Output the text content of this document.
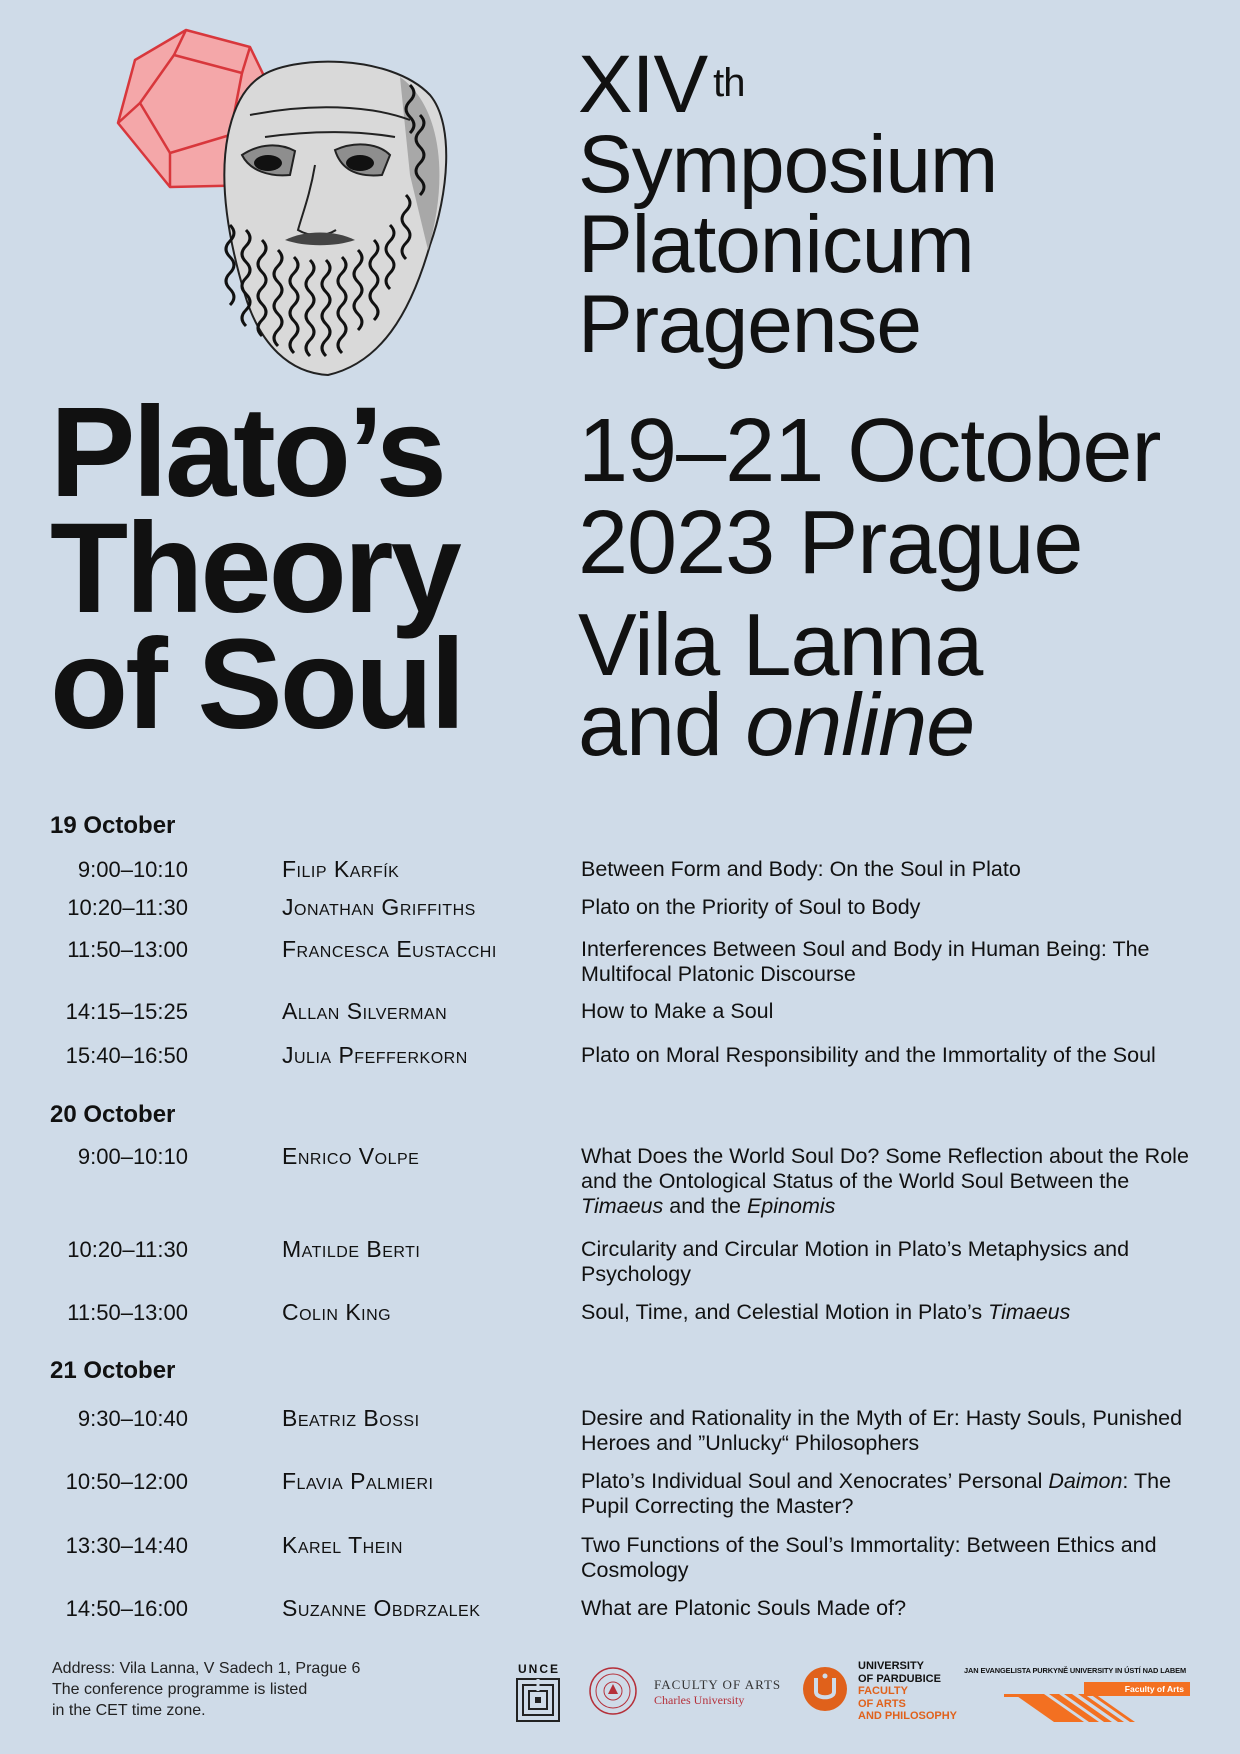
XIV $^{th}$
Symposium
Platonicum
Pragense
Plato’s
Theory
of Soul
19–21 October
2023 Prague
Vila Lanna
and online
19 October
9:00–10:10	Filip Karfík	Between Form and Body: On the Soul in Plato
10:20–11:30	Jonathan Griffiths	Plato on the Priority of Soul to Body
11:50–13:00	Francesca Eustacchi	Interferences Between Soul and Body in Human Being: The Multifocal Platonic Discourse
14:15–15:25	Allan Silverman	How to Make a Soul
15:40–16:50	Julia Pfefferkorn	Plato on Moral Responsibility and the Immortality of the Soul
20 October
9:00–10:10	Enrico Volpe	What Does the World Soul Do? Some Reflection about the Role and the Ontological Status of the World Soul Between the Timaeus and the Epinomis
10:20–11:30	Matilde Berti	Circularity and Circular Motion in Plato’s Metaphysics and Psychology
11:50–13:00	Colin King	Soul, Time, and Celestial Motion in Plato’s Timaeus
21 October
9:30–10:40	Beatriz Bossi	Desire and Rationality in the Myth of Er: Hasty Souls, Punished Heroes and ”Unlucky“ Philosophers
10:50–12:00	Flavia Palmieri	Plato’s Individual Soul and Xenocrates’ Personal Daimon: The Pupil Correcting the Master?
13:30–14:40	Karel Thein	Two Functions of the Soul’s Immortality: Between Ethics and Cosmology
14:50–16:00	Suzanne Obdrzalek	What are Platonic Souls Made of?
Address: Vila Lanna, V Sadech 1, Prague 6
The conference programme is listed
in the CET time zone.
UNCE
FACULTY OF ARTS
Charles University
UNIVERSITY
OF PARDUBICE
FACULTY
OF ARTS
AND PHILOSOPHY
JAN EVANGELISTA PURKYNĚ UNIVERSITY IN ÚSTÍ NAD LABEM
Faculty of Arts
